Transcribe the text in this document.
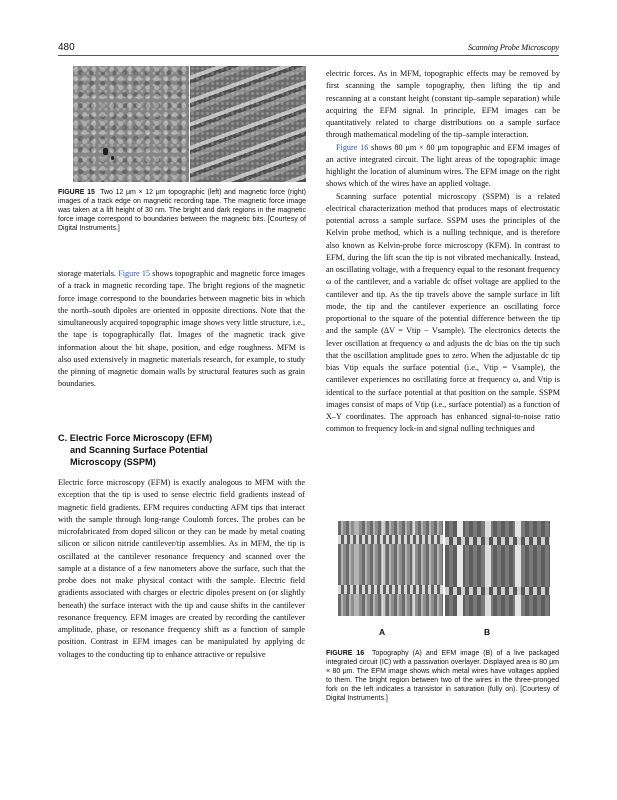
480	Scanning Probe Microscopy
FIGURE 15 Two 12 μm × 12 μm topographic (left) and magnetic force (right) images of a track edge on magnetic recording tape. The magnetic force image was taken at a lift height of 30 nm. The bright and dark regions in the magnetic force image correspond to boundaries between the magnetic bits. [Courtesy of Digital Instruments.]

storage materials. Figure 15 shows topographic and magnetic force images of a track in magnetic recording tape. The bright regions of the magnetic force image correspond to the boundaries between magnetic bits in which the north–south dipoles are oriented in opposite directions. Note that the simultaneously acquired topographic image shows very little structure, i.e., the tape is topographically flat. Images of the magnetic track give information about the bit shape, position, and edge roughness. MFM is also used extensively in magnetic materials research, for example, to study the pinning of magnetic domain walls by structural features such as grain boundaries.

C. Electric Force Microscopy (EFM)
and Scanning Surface Potential
Microscopy (SSPM)

Electric force microscopy (EFM) is exactly analogous to MFM with the exception that the tip is used to sense electric field gradients instead of magnetic field gradients. EFM requires conducting AFM tips that interact with the sample through long-range Coulomb forces. The probes can be microfabricated from doped silicon or they can be made by metal coating silicon or silicon nitride cantilever/tip assemblies. As in MFM, the tip is oscillated at the cantilever resonance frequency and scanned over the sample at a distance of a few nanometers above the surface, such that the probe does not make physical contact with the sample. Electric field gradients associated with charges or electric dipoles present on (or slightly beneath) the surface interact with the tip and cause shifts in the cantilever resonance frequency. EFM images are created by recording the cantilever amplitude, phase, or resonance frequency shift as a function of sample position. Contrast in EFM images can be manipulated by applying dc voltages to the conducting tip to enhance attractive or repulsive

electric forces. As in MFM, topographic effects may be removed by first scanning the sample topography, then lifting the tip and rescanning at a constant height (constant tip–sample separation) while acquiring the EFM signal. In principle, EFM images can be quantitatively related to charge distributions on a sample surface through mathematical modeling of the tip–sample interaction.

Figure 16 shows 80 μm × 80 μm topographic and EFM images of an active integrated circuit. The light areas of the topographic image highlight the location of aluminum wires. The EFM image on the right shows which of the wires have an applied voltage.

Scanning surface potential microscopy (SSPM) is a related electrical characterization method that produces maps of electrostatic potential across a sample surface. SSPM uses the principles of the Kelvin probe method, which is a nulling technique, and is therefore also known as Kelvin-probe force microscopy (KFM). In contrast to EFM, during the lift scan the tip is not vibrated mechanically. Instead, an oscillating voltage, with a frequency equal to the resonant frequency ω of the cantilever, and a variable dc offset voltage are applied to the cantilever and tip. As the tip travels above the sample surface in lift mode, the tip and the cantilever experience an oscillating force proportional to the square of the potential difference between the tip and the sample (ΔV = Vtip − Vsample). The electronics detects the lever oscillation at frequency ω and adjusts the dc bias on the tip such that the oscillation amplitude goes to zero. When the adjustable dc tip bias Vtip equals the surface potential (i.e., Vtip = Vsample), the cantilever experiences no oscillating force at frequency ω, and Vtip is identical to the surface potential at that position on the sample. SSPM images consist of maps of Vtip (i.e., surface potential) as a function of X–Y coordinates. The approach has enhanced signal-to-noise ratio common to frequency lock-in and signal nulling techniques and

A	B
FIGURE 16 Topography (A) and EFM image (B) of a live packaged integrated circuit (IC) with a passivation overlayer. Displayed area is 80 μm × 80 μm. The EFM image shows which metal wires have voltages applied to them. The bright region between two of the wires in the three-pronged fork on the left indicates a transistor in saturation (fully on). [Courtesy of Digital Instruments.]
